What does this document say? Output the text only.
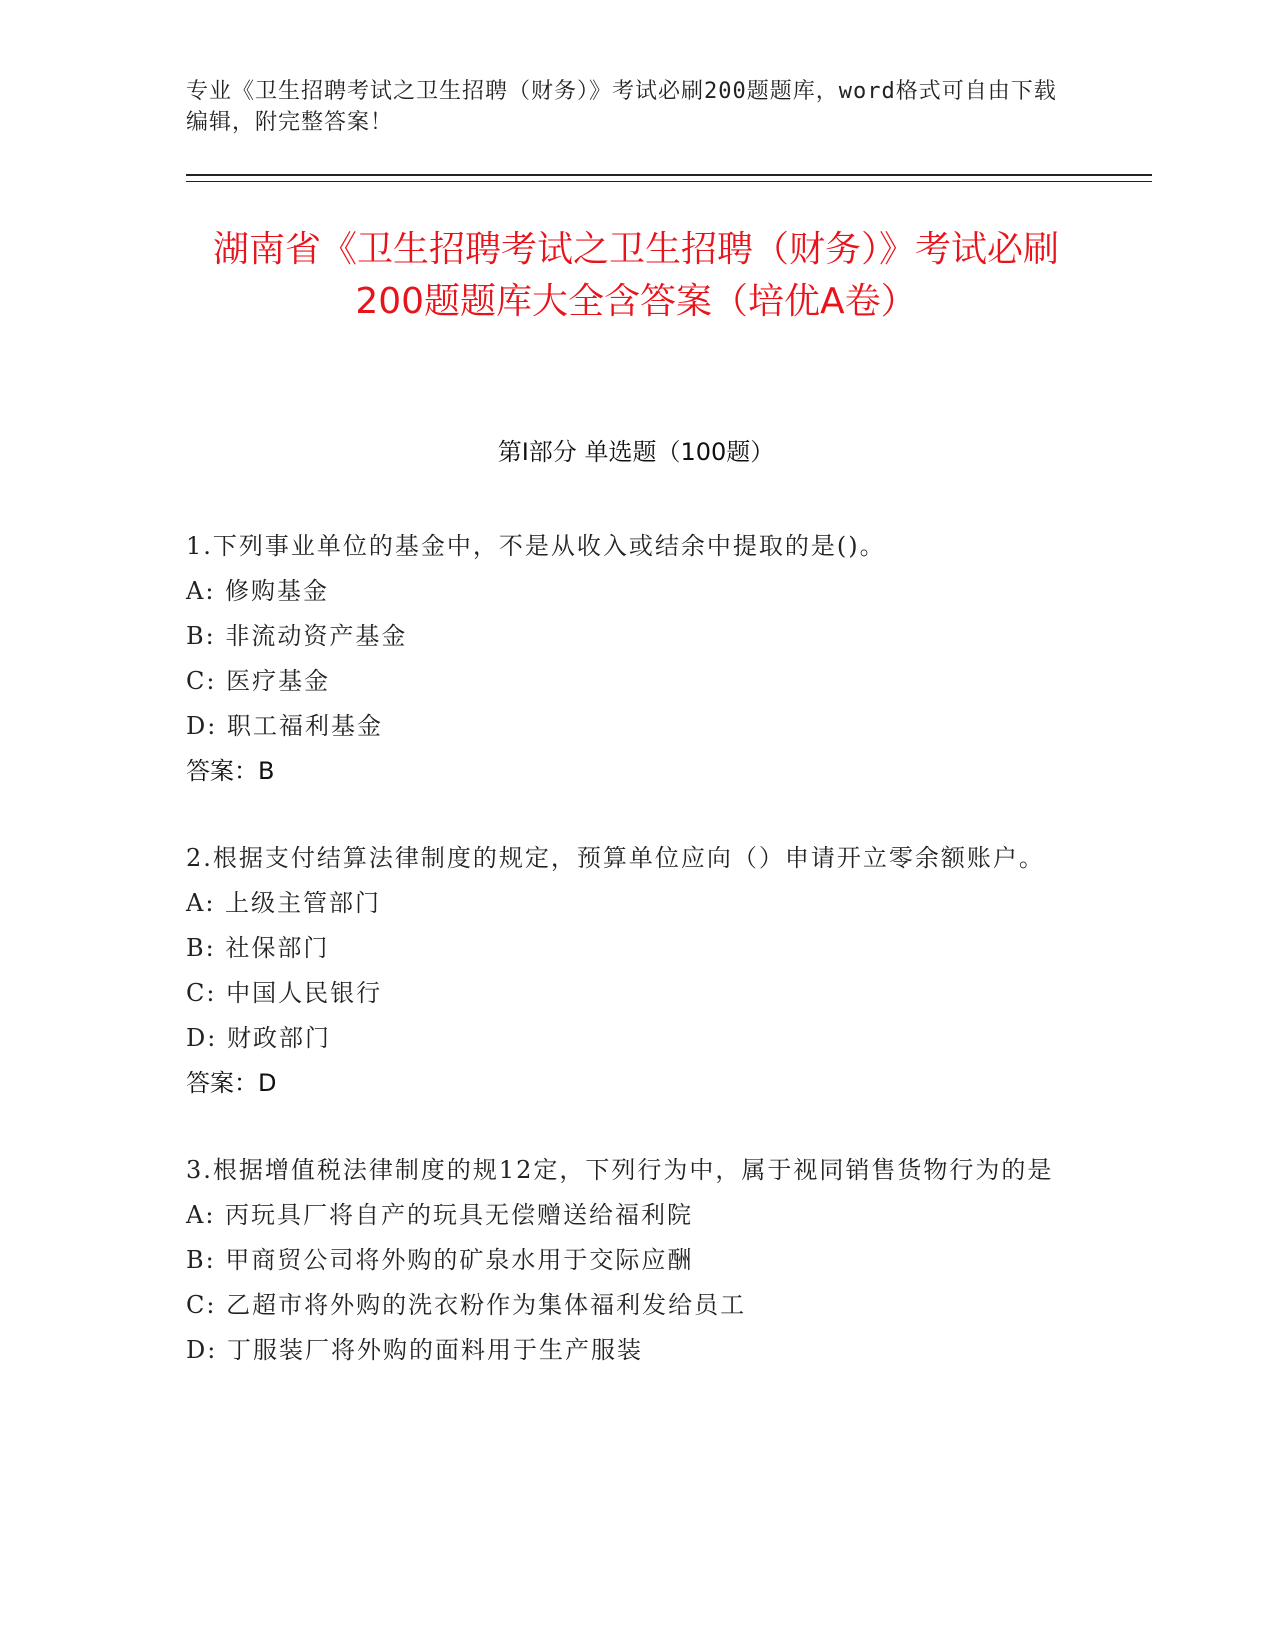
专业《卫生招聘考试之卫生招聘（财务）》考试必刷200题题库，word格式可自由下载编辑，附完整答案！
湖南省《卫生招聘考试之卫生招聘（财务）》考试必刷200题题库大全含答案（培优A卷）
第I部分 单选题（100题）
1.下列事业单位的基金中，不是从收入或结余中提取的是()。
A: 修购基金
B: 非流动资产基金
C: 医疗基金
D: 职工福利基金
答案：B
2.根据支付结算法律制度的规定，预算单位应向（）申请开立零余额账户。
A: 上级主管部门
B: 社保部门
C: 中国人民银行
D: 财政部门
答案：D
3.根据增值税法律制度的规12定，下列行为中，属于视同销售货物行为的是
A: 丙玩具厂将自产的玩具无偿赠送给福利院
B: 甲商贸公司将外购的矿泉水用于交际应酬
C: 乙超市将外购的洗衣粉作为集体福利发给员工
D: 丁服装厂将外购的面料用于生产服装
